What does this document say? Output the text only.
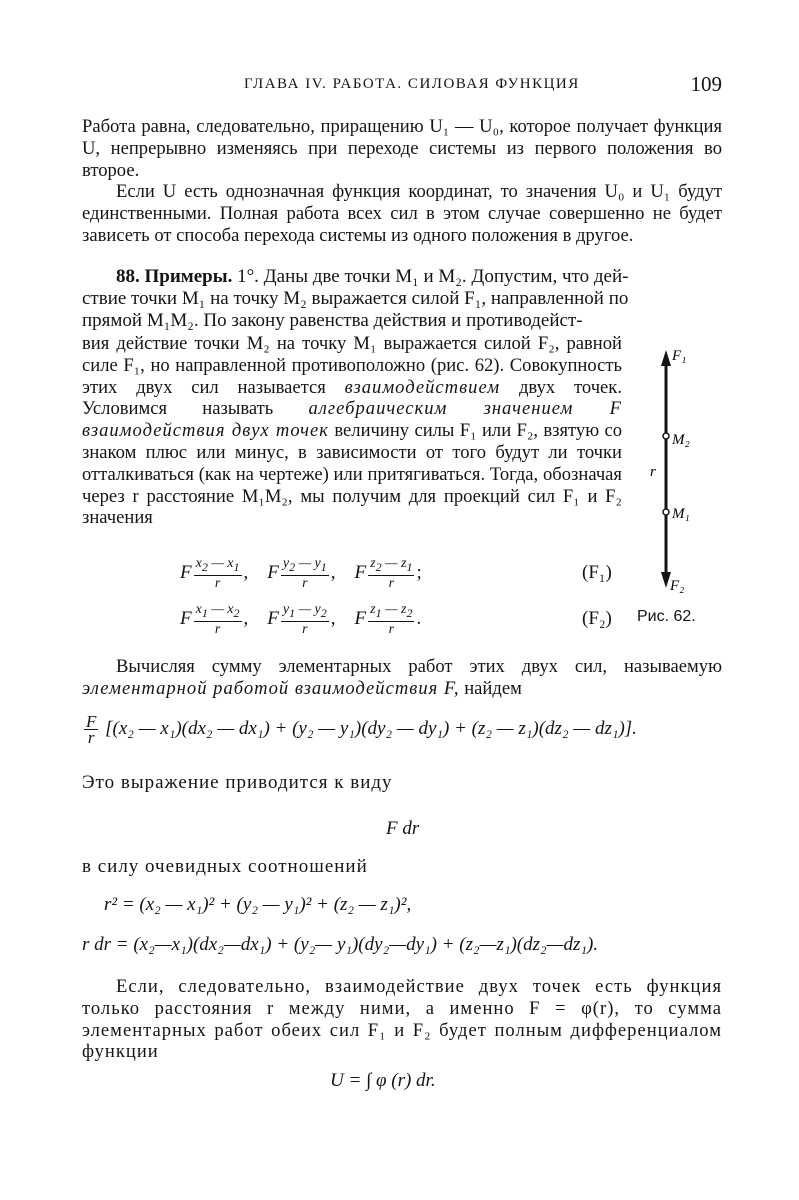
ГЛАВА IV. РАБОТА. СИЛОВАЯ ФУНКЦИЯ	109

Работа равна, следовательно, приращению U₁ — U₀, которое получает функция U, непрерывно изменяясь при переходе системы из первого положения во второе.

Если U есть однозначная функция координат, то значения U₀ и U₁ будут единственными. Полная работа всех сил в этом случае совершенно не будет зависеть от способа перехода системы из одного положения в другое.

88. Примеры. 1°. Даны две точки M₁ и M₂. Допустим, что дей-
ствие точки M₁ на точку M₂ выражается силой F₁, направленной по
прямой M₁M₂. По закону равенства действия и противодейст-

вия действие точки M₂ на точку M₁ выражается силой F₂, равной силе F₁, но направленной противоположно (рис. 62). Совокупность этих двух сил называется взаимодействием двух точек. Условимся называть алгебраическим значением F взаимодействия двух точек величину силы F₁ или F₂, взятую со знаком плюс или минус, в зависимости от того будут ли точки отталкиваться (как на чертеже) или притягиваться. Тогда, обозначая через r расстояние M₁M₂, мы получим для проекций сил F₁ и F₂ значения

F $\frac{x_2 — x_1}{r}$ ,    F $\frac{y_2 — y_1}{r}$ ,    F $\frac{z_2 — z_1}{r}$ ;	(F₁)
F $\frac{x_1 — x_2}{r}$ ,    F $\frac{y_1 — y_2}{r}$ ,    F $\frac{z_1 — z_2}{r}$ .	(F₂)
F₁
M₂
r
M₁
F₂
Рис. 62.

Вычисляя сумму элементарных работ этих двух сил, называемую элементарной работой взаимодействия F, найдем

$\frac{F}{r} [(x_2$ — x₁)(dx₂ — dx₁) + (y₂ — y₁)(dy₂ — dy₁) + (z₂ — z₁)(dz₂ — dz₁)].
Это выражение приводится к виду
F dr
в силу очевидных соотношений
r² = (x₂ — x₁)² + (y₂ — y₁)² + (z₂ — z₁)²,
r dr = (x₂—x₁)(dx₂—dx₁) + (y₂— y₁)(dy₂—dy₁) + (z₂—z₁)(dz₂—dz₁).

Если, следовательно, взаимодействие двух точек есть функция только расстояния r между ними, а именно F = φ(r), то сумма элементарных работ обеих сил F₁ и F₂ будет полным дифференциалом функции

U = ∫ φ (r) dr.
